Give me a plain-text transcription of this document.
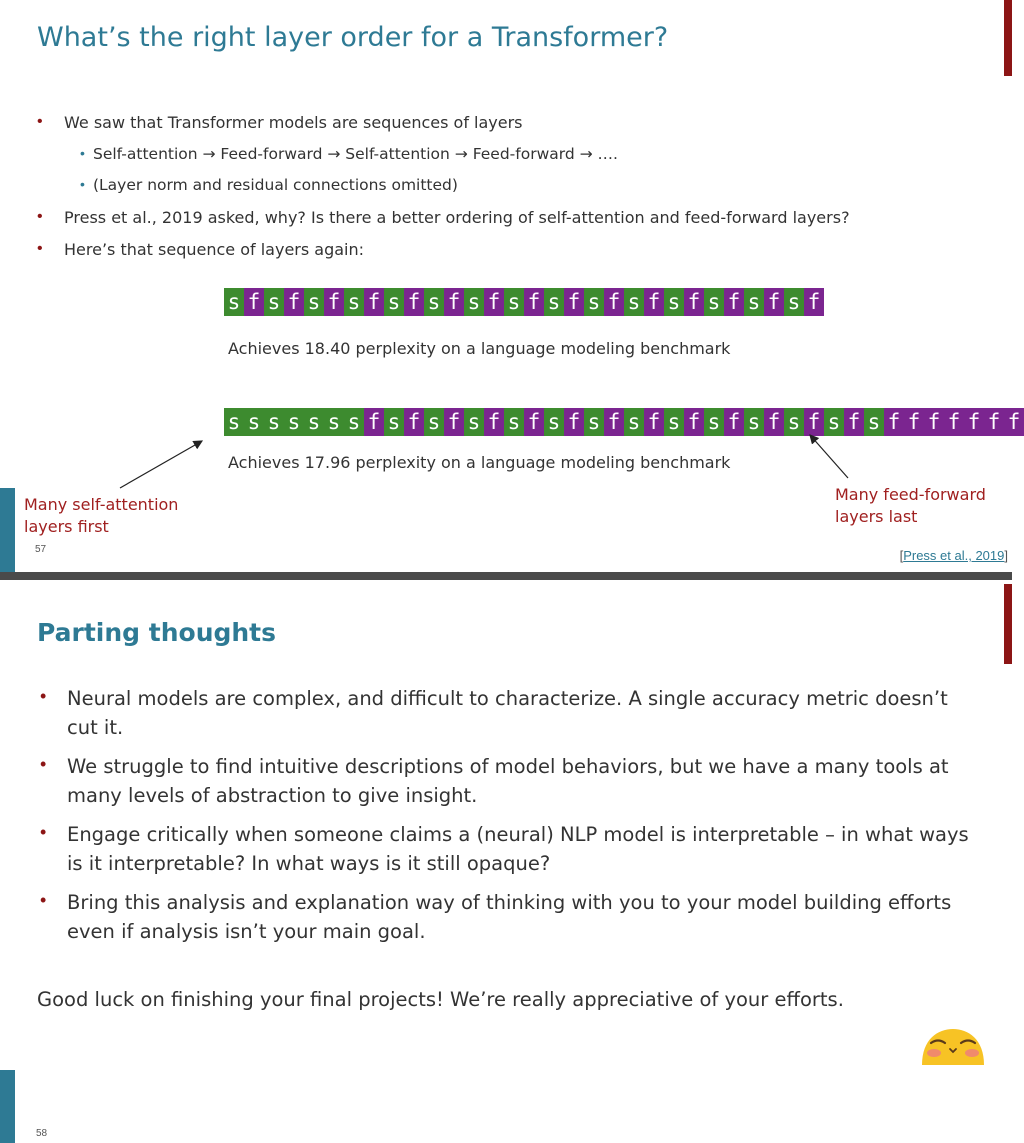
What’s the right layer order for a Transformer?
• We saw that Transformer models are sequences of layers
• Self-attention → Feed-forward → Self-attention → Feed-forward → ….
• (Layer norm and residual connections omitted)
• Press et al., 2019 asked, why? Is there a better ordering of self-attention and feed-forward layers?
• Here’s that sequence of layers again:
s f s f s f s f s f s f s f s f s f s f s f s f s f s f s f
Achieves 18.40 perplexity on a language modeling benchmark
s s s s s s s f s f s f s f s f s f s f s f s f s f s f s f s f s f f f f f f f
Achieves 17.96 perplexity on a language modeling benchmark
Many self-attention layers first
Many feed-forward layers last
57	[Press et al., 2019]
Parting thoughts
• Neural models are complex, and difficult to characterize. A single accuracy metric doesn’t cut it.
• We struggle to find intuitive descriptions of model behaviors, but we have a many tools at many levels of abstraction to give insight.
• Engage critically when someone claims a (neural) NLP model is interpretable – in what ways is it interpretable? In what ways is it still opaque?
• Bring this analysis and explanation way of thinking with you to your model building efforts even if analysis isn’t your main goal.
Good luck on finishing your final projects! We’re really appreciative of your efforts.
58
